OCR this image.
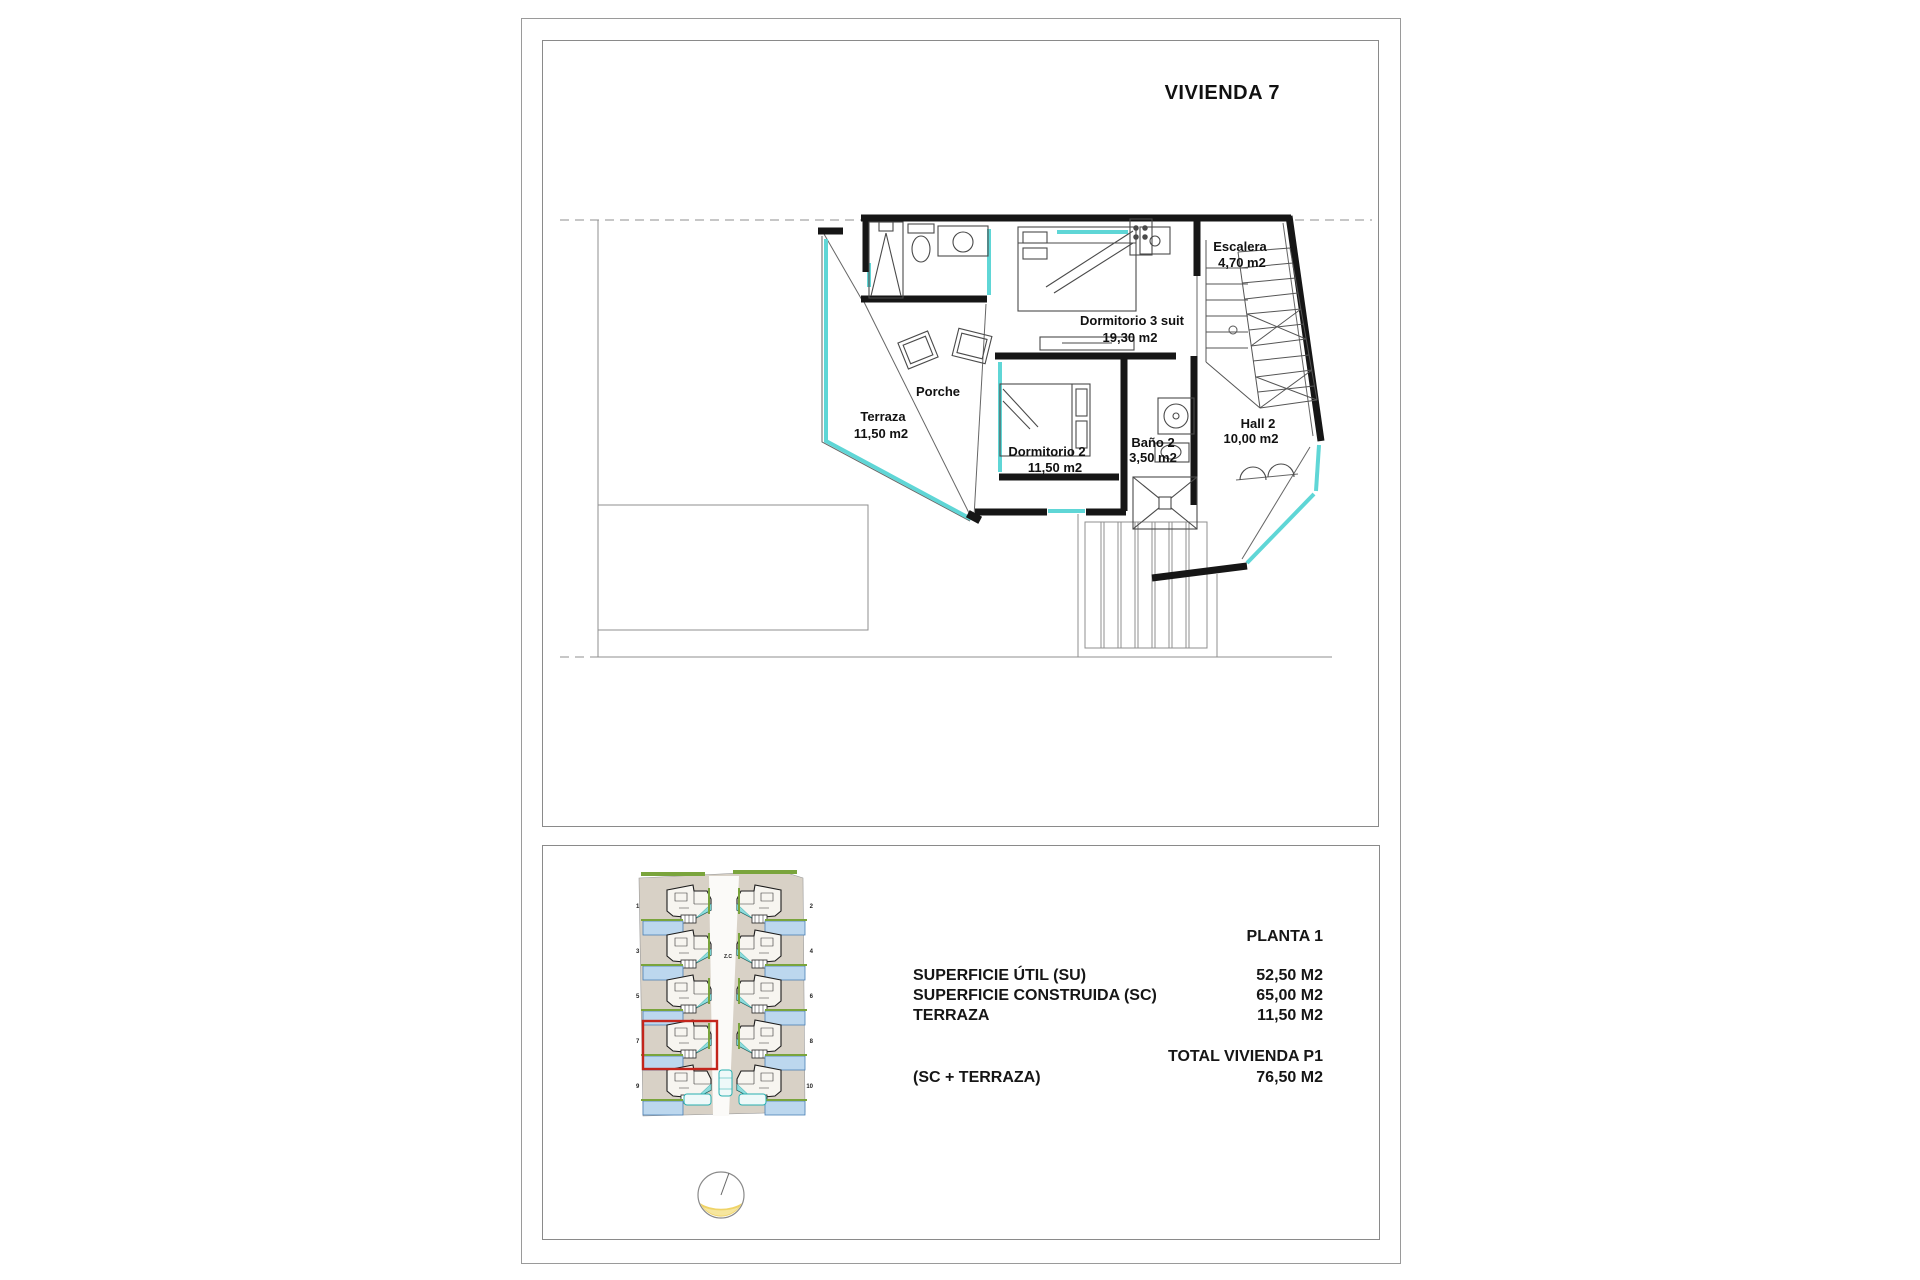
VIVIENDA 7
Escalera
4,70 m2
Dormitorio 3 suit
19,30 m2
Porche
Terraza
11,50 m2
Dormitorio 2
11,50 m2
Baño 2
3,50 m2
Hall 2
10,00 m2
1
3
5
7
9
2
4
6
8
10
Z.C
PLANTA 1
SUPERFICIE ÚTIL (SU)	52,50 M2
SUPERFICIE CONSTRUIDA (SC)	65,00 M2
TERRAZA	11,50 M2
TOTAL VIVIENDA P1
(SC + TERRAZA)	76,50 M2
